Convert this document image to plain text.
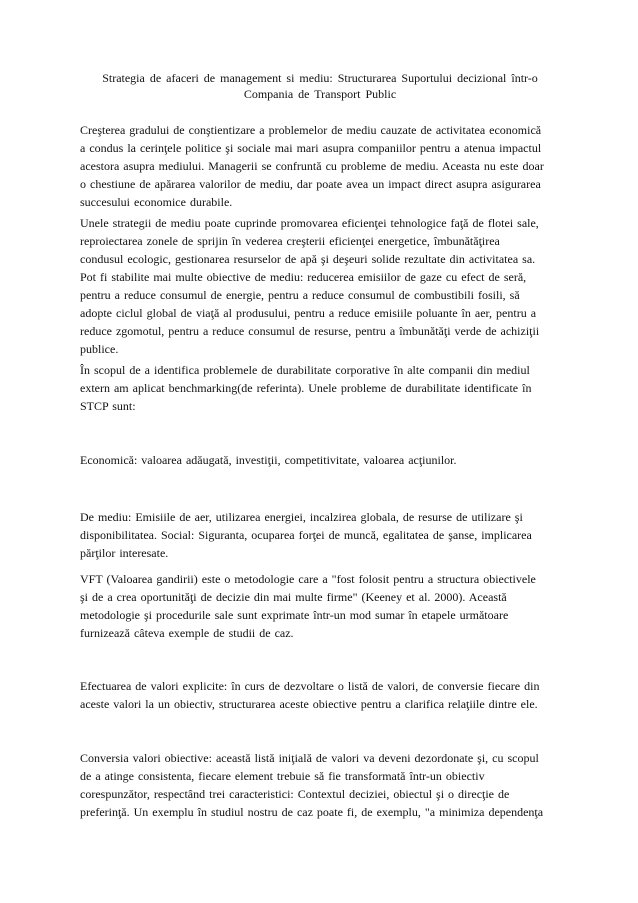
Strategia de afaceri de management si mediu: Structurarea Suportului decizional într-o
Compania de Transport Public

Creşterea gradului de conştientizare a problemelor de mediu cauzate de activitatea economică
a condus la cerinţele politice şi sociale mai mari asupra companiilor pentru a atenua impactul
acestora asupra mediului. Managerii se confruntă cu probleme de mediu. Aceasta nu este doar
o chestiune de apărarea valorilor de mediu, dar poate avea un impact direct asupra asigurarea
succesului economice durabile.

Unele strategii de mediu poate cuprinde promovarea eficienţei tehnologice faţă de flotei sale,
reproiectarea zonele de sprijin în vederea creşterii eficienţei energetice, îmbunătăţirea
condusul ecologic, gestionarea resurselor de apă şi deşeuri solide rezultate din activitatea sa.
Pot fi stabilite mai multe obiective de mediu: reducerea emisiilor de gaze cu efect de seră,
pentru a reduce consumul de energie, pentru a reduce consumul de combustibili fosili, să
adopte ciclul global de viaţă al produsului, pentru a reduce emisiile poluante în aer, pentru a
reduce zgomotul, pentru a reduce consumul de resurse, pentru a îmbunătăţi verde de achiziţii
publice.

În scopul de a identifica problemele de durabilitate corporative în alte companii din mediul
extern am aplicat benchmarking(de referinta). Unele probleme de durabilitate identificate în
STCP sunt:

Economică: valoarea adăugată, investiţii, competitivitate, valoarea acţiunilor.

De mediu: Emisiile de aer, utilizarea energiei, incalzirea globala, de resurse de utilizare şi
disponibilitatea. Social: Siguranta, ocuparea forţei de muncă, egalitatea de şanse, implicarea
părţilor interesate.

VFT (Valoarea gandirii) este o metodologie care a "fost folosit pentru a structura obiectivele
şi de a crea oportunităţi de decizie din mai multe firme" (Keeney et al. 2000). Această
metodologie şi procedurile sale sunt exprimate într-un mod sumar în etapele următoare
furnizează câteva exemple de studii de caz.

Efectuarea de valori explicite: în curs de dezvoltare o listă de valori, de conversie fiecare din
aceste valori la un obiectiv, structurarea aceste obiective pentru a clarifica relaţiile dintre ele.

Conversia valori obiective: această listă iniţială de valori va deveni dezordonate şi, cu scopul
de a atinge consistenta, fiecare element trebuie să fie transformată într-un obiectiv
corespunzător, respectând trei caracteristici: Contextul deciziei, obiectul şi o direcţie de
preferinţă. Un exemplu în studiul nostru de caz poate fi, de exemplu, "a minimiza dependenţa
